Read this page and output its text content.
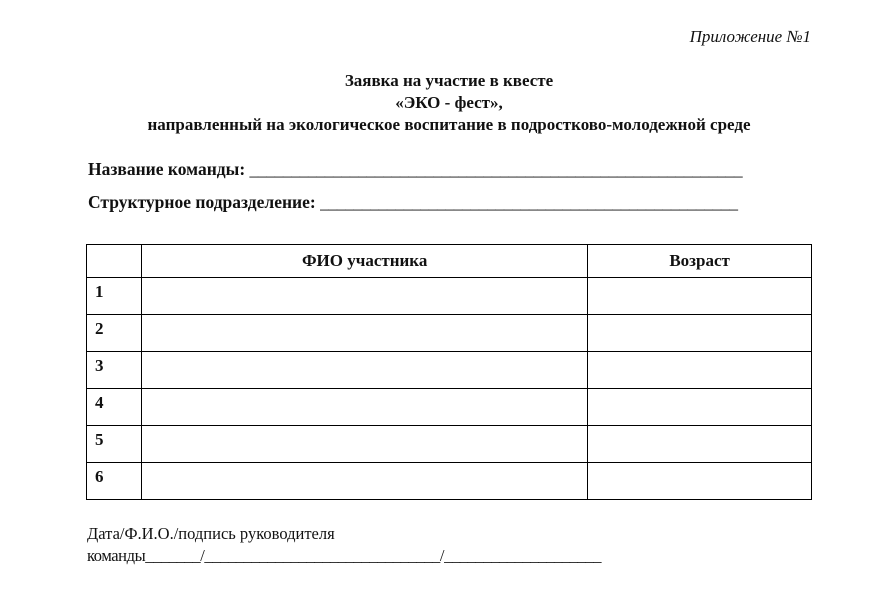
Приложение №1
Заявка на участие в квесте
«ЭКО - фест»,
направленный на экологическое воспитание в подростково-молодежной среде
Название команды: ___________________________________________________________
Структурное подразделение: __________________________________________________
	ФИО участника	Возраст
1		
2		
3		
4		
5		
6		
Дата/Ф.И.О./подпись руководителя
команды_______/______________________________/____________________
